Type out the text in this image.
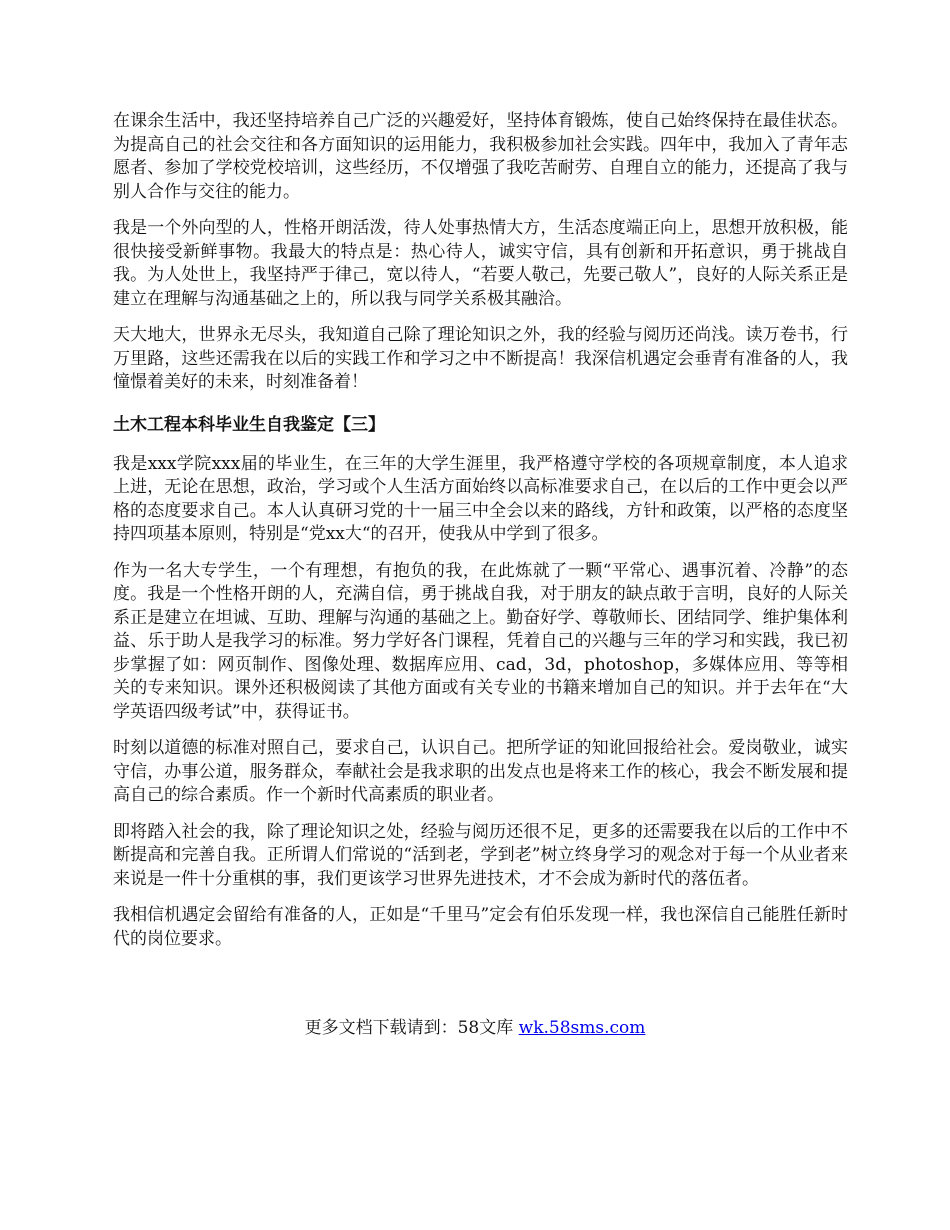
在课余生活中，我还坚持培养自己广泛的兴趣爱好，坚持体育锻炼，使自己始终保持在最佳状态。为提高自己的社会交往和各方面知识的运用能力，我积极参加社会实践。四年中，我加入了青年志愿者、参加了学校党校培训，这些经历，不仅增强了我吃苦耐劳、自理自立的能力，还提高了我与别人合作与交往的能力。

我是一个外向型的人，性格开朗活泼，待人处事热情大方，生活态度端正向上，思想开放积极，能很快接受新鲜事物。我最大的特点是：热心待人，诚实守信，具有创新和开拓意识，勇于挑战自我。为人处世上，我坚持严于律己，宽以待人，“若要人敬己，先要己敬人”，良好的人际关系正是建立在理解与沟通基础之上的，所以我与同学关系极其融洽。

天大地大，世界永无尽头，我知道自己除了理论知识之外，我的经验与阅历还尚浅。读万卷书，行万里路，这些还需我在以后的实践工作和学习之中不断提高！我深信机遇定会垂青有准备的人，我憧憬着美好的未来，时刻准备着！

土木工程本科毕业生自我鉴定【三】

我是xxx学院xxx届的毕业生，在三年的大学生涯里，我严格遵守学校的各项规章制度，本人追求上进，无论在思想，政治，学习或个人生活方面始终以高标准要求自己，在以后的工作中更会以严格的态度要求自己。本人认真研习党的十一届三中全会以来的路线，方针和政策，以严格的态度坚持四项基本原则，特别是“党xx大“的召开，使我从中学到了很多。

作为一名大专学生，一个有理想，有抱负的我，在此炼就了一颗“平常心、遇事沉着、冷静”的态度。我是一个性格开朗的人，充满自信，勇于挑战自我，对于朋友的缺点敢于言明，良好的人际关系正是建立在坦诚、互助、理解与沟通的基础之上。勤奋好学、尊敬师长、团结同学、维护集体利益、乐于助人是我学习的标准。努力学好各门课程，凭着自己的兴趣与三年的学习和实践，我已初步掌握了如：网页制作、图像处理、数据库应用、cad，3d，photoshop，多媒体应用、等等相关的专来知识。课外还积极阅读了其他方面或有关专业的书籍来增加自己的知识。并于去年在“大学英语四级考试”中，获得证书。

时刻以道德的标准对照自己，要求自己，认识自己。把所学证的知讹回报给社会。爱岗敬业，诚实守信，办事公道，服务群众，奉献社会是我求职的出发点也是将来工作的核心，我会不断发展和提高自己的综合素质。作一个新时代高素质的职业者。

即将踏入社会的我，除了理论知识之处，经验与阅历还很不足，更多的还需要我在以后的工作中不断提高和完善自我。正所谓人们常说的“活到老，学到老”树立终身学习的观念对于每一个从业者来来说是一件十分重棋的事，我们更该学习世界先进技术，才不会成为新时代的落伍者。

我相信机遇定会留给有准备的人，正如是“千里马”定会有伯乐发现一样，我也深信自己能胜任新时代的岗位要求。

更多文档下载请到：58文库 wk.58sms.com
